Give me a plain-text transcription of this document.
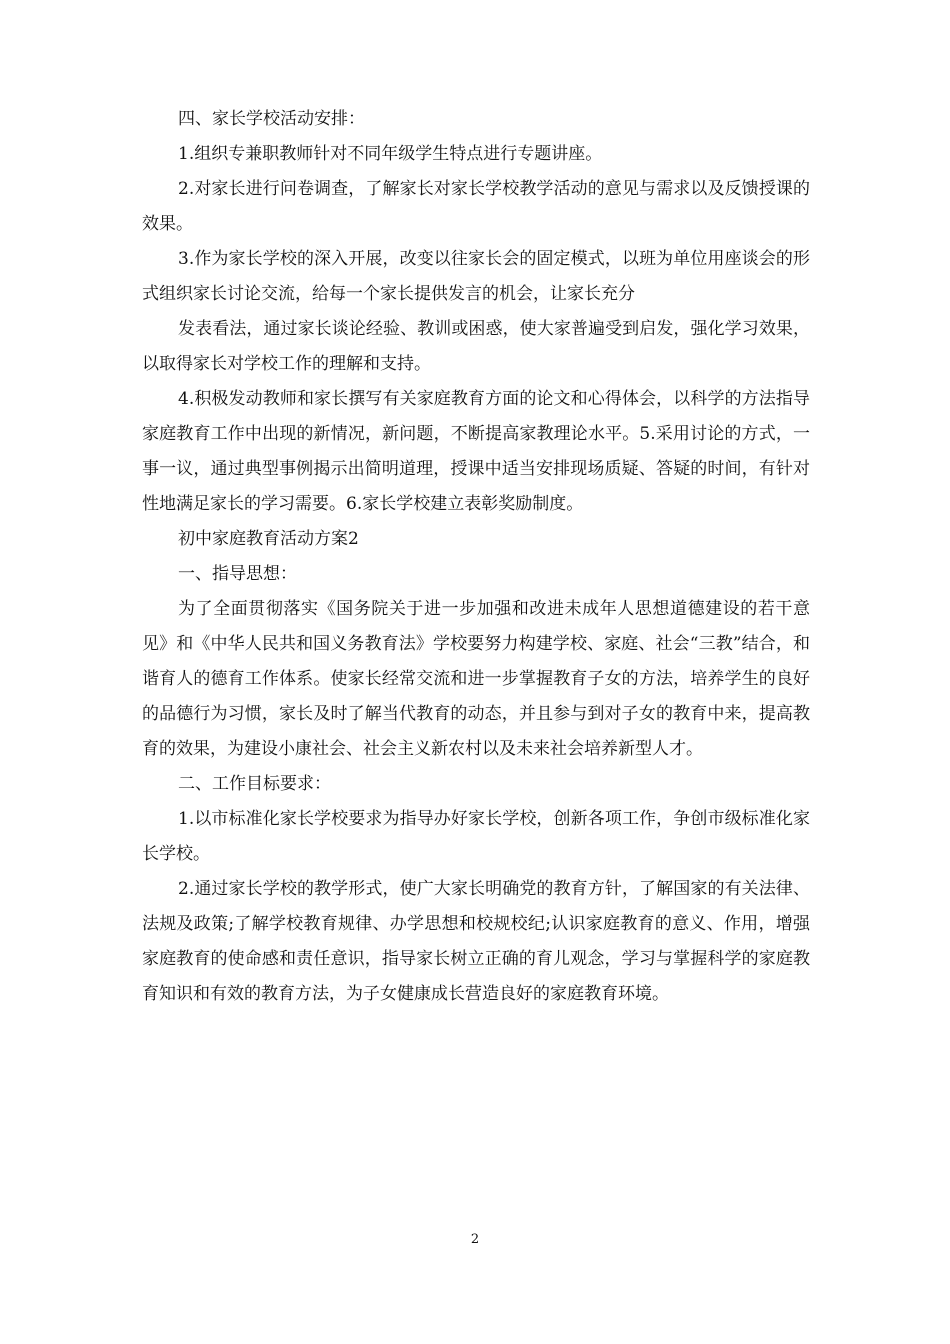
四、家长学校活动安排：

1.组织专兼职教师针对不同年级学生特点进行专题讲座。

2.对家长进行问卷调查，了解家长对家长学校教学活动的意见与需求以及反馈授课的效果。

3.作为家长学校的深入开展，改变以往家长会的固定模式，以班为单位用座谈会的形式组织家长讨论交流，给每一个家长提供发言的机会，让家长充分

发表看法，通过家长谈论经验、教训或困惑，使大家普遍受到启发，强化学习效果，以取得家长对学校工作的理解和支持。

4.积极发动教师和家长撰写有关家庭教育方面的论文和心得体会，以科学的方法指导家庭教育工作中出现的新情况，新问题，不断提高家教理论水平。5.采用讨论的方式，一事一议，通过典型事例揭示出简明道理，授课中适当安排现场质疑、答疑的时间，有针对性地满足家长的学习需要。6.家长学校建立表彰奖励制度。

初中家庭教育活动方案2

一、指导思想：

为了全面贯彻落实《国务院关于进一步加强和改进未成年人思想道德建设的若干意见》和《中华人民共和国义务教育法》学校要努力构建学校、家庭、社会“三教”结合，和谐育人的德育工作体系。使家长经常交流和进一步掌握教育子女的方法，培养学生的良好的品德行为习惯，家长及时了解当代教育的动态，并且参与到对子女的教育中来，提高教育的效果，为建设小康社会、社会主义新农村以及未来社会培养新型人才。

二、工作目标要求：

1.以市标准化家长学校要求为指导办好家长学校，创新各项工作，争创市级标准化家长学校。

2.通过家长学校的教学形式，使广大家长明确党的教育方针，了解国家的有关法律、法规及政策;了解学校教育规律、办学思想和校规校纪;认识家庭教育的意义、作用，增强家庭教育的使命感和责任意识，指导家长树立正确的育儿观念，学习与掌握科学的家庭教育知识和有效的教育方法，为子女健康成长营造良好的家庭教育环境。

2
